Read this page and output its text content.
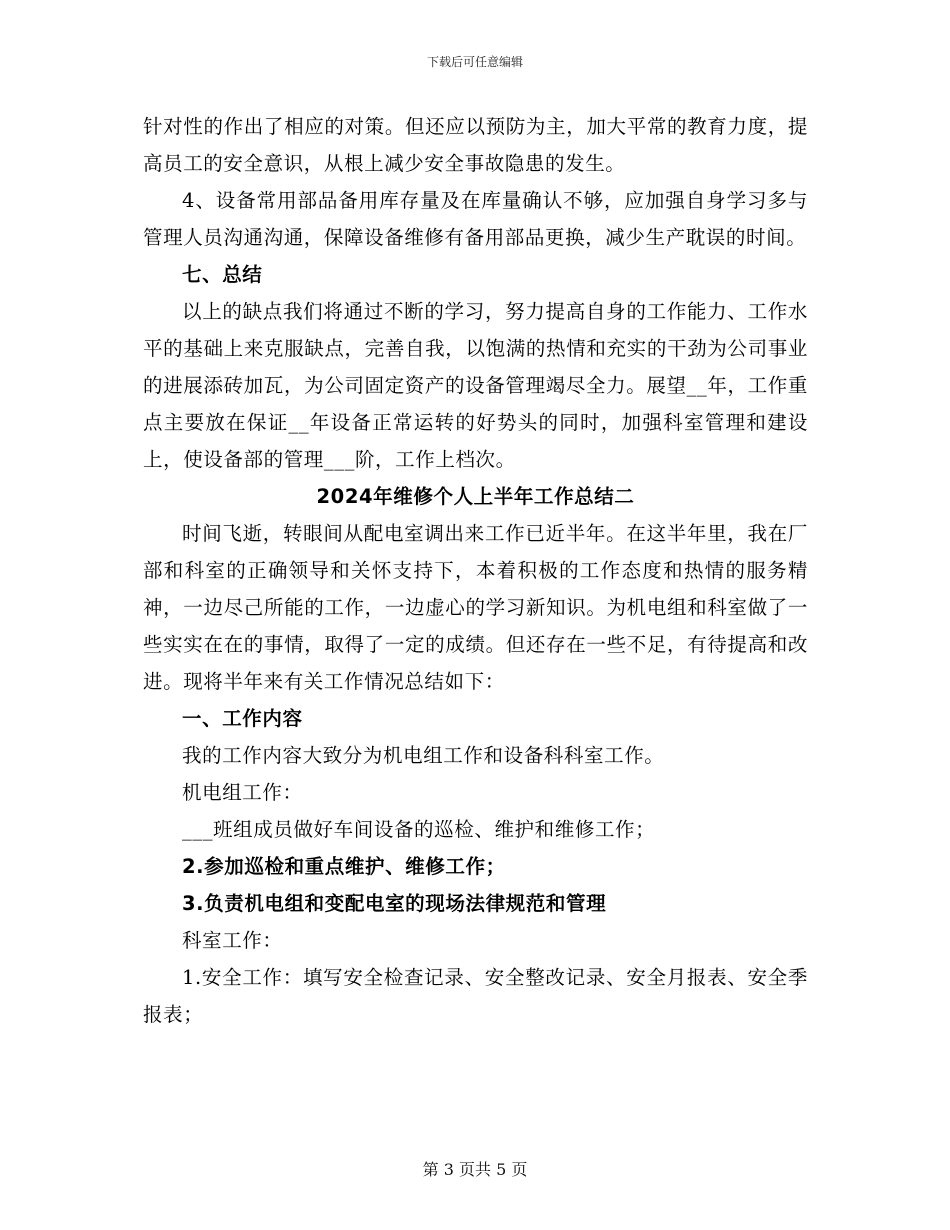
下载后可任意编辑

针对性的作出了相应的对策。但还应以预防为主，加大平常的教育力度，提高员工的安全意识，从根上减少安全事故隐患的发生。

4、设备常用部品备用库存量及在库量确认不够，应加强自身学习多与管理人员沟通沟通，保障设备维修有备用部品更换，减少生产耽误的时间。

七、总结

以上的缺点我们将通过不断的学习，努力提高自身的工作能力、工作水平的基础上来克服缺点，完善自我，以饱满的热情和充实的干劲为公司事业的进展添砖加瓦，为公司固定资产的设备管理竭尽全力。展望__年，工作重点主要放在保证__年设备正常运转的好势头的同时，加强科室管理和建设上，使设备部的管理___阶，工作上档次。

2024年维修个人上半年工作总结二

时间飞逝，转眼间从配电室调出来工作已近半年。在这半年里，我在厂部和科室的正确领导和关怀支持下，本着积极的工作态度和热情的服务精神，一边尽己所能的工作，一边虚心的学习新知识。为机电组和科室做了一些实实在在的事情，取得了一定的成绩。但还存在一些不足，有待提高和改进。现将半年来有关工作情况总结如下：

一、工作内容

我的工作内容大致分为机电组工作和设备科科室工作。

机电组工作：

___班组成员做好车间设备的巡检、维护和维修工作；

2.参加巡检和重点维护、维修工作；

3.负责机电组和变配电室的现场法律规范和管理

科室工作：

1.安全工作：填写安全检查记录、安全整改记录、安全月报表、安全季报表；

第 3 页共 5 页
